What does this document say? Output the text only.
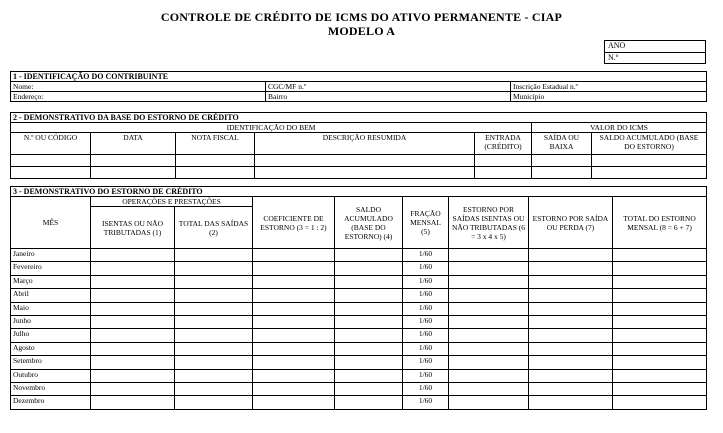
CONTROLE DE CRÉDITO DE ICMS DO ATIVO PERMANENTE - CIAP
MODELO A
ANO
N.º
1 - IDENTIFICAÇÃO DO CONTRIBUINTE		
Nome:	CGC/MF n.º	Inscrição Estadual n.º
Endereço:	Bairro	Município
2 - DEMONSTRATIVO DA BASE DO ESTORNO DE CRÉDITO						
IDENTIFICAÇÃO DO BEM					VALOR DO ICMS	
N.º OU CÓDIGO	DATA	NOTA FISCAL	DESCRIÇÃO RESUMIDA	ENTRADA (CRÉDITO)	SAÍDA OU BAIXA	SALDO ACUMULADO (BASE DO ESTORNO)

3 - DEMONSTRATIVO DO ESTORNO DE CRÉDITO								
MÊS	OPERAÇÕES E PRESTAÇÕES		COEFICIENTE DE ESTORNO (3 = 1 : 2)	SALDO ACUMULADO (BASE DO ESTORNO) (4)	FRAÇÃO MENSAL (5)	ESTORNO POR SAÍDAS ISENTAS OU NÃO TRIBUTADAS (6 = 3 x 4 x 5)	ESTORNO POR SAÍDA OU PERDA (7)	TOTAL DO ESTORNO MENSAL (8 = 6 + 7)
	ISENTAS OU NÃO TRIBUTADAS (1)	TOTAL DAS SAÍDAS (2)						
Janeiro					1/60			
Fevereiro					1/60			
Março					1/60			
Abril					1/60			
Maio					1/60			
Junho					1/60			
Julho					1/60			
Agosto					1/60			
Setembro					1/60			
Outubro					1/60			
Novembro					1/60			
Dezembro					1/60			
